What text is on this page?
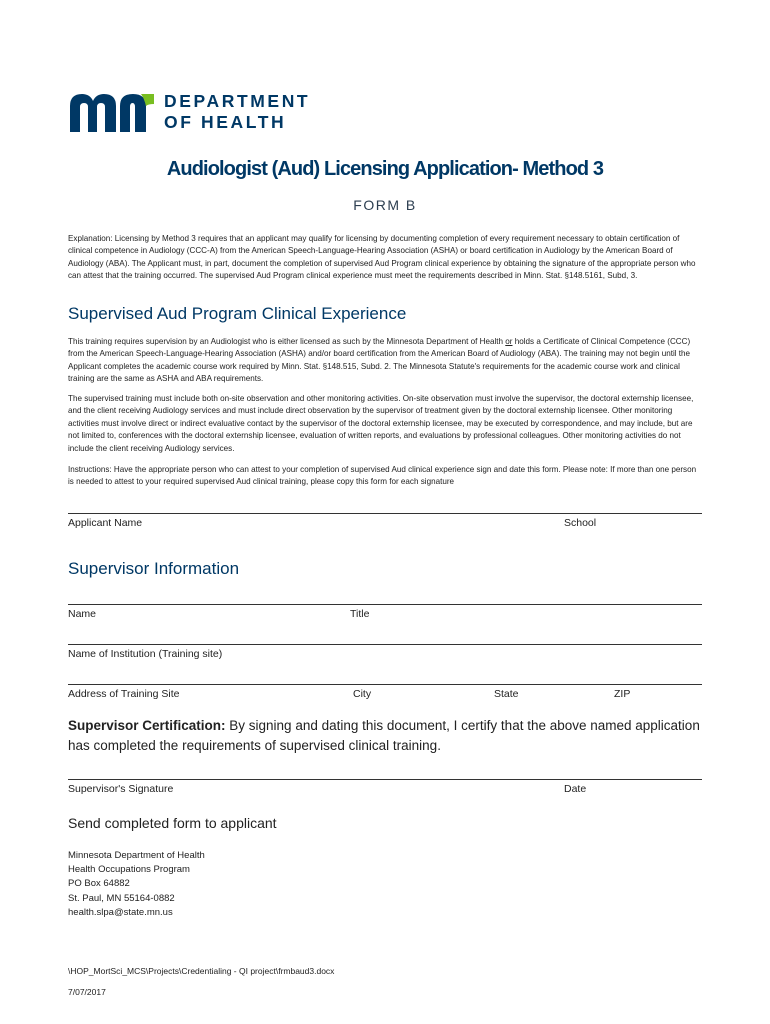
DEPARTMENT
OF HEALTH
Audiologist (Aud) Licensing Application- Method 3
FORM B
Explanation: Licensing by Method 3 requires that an applicant may qualify for licensing by documenting completion of every requirement necessary to obtain certification of clinical competence in Audiology (CCC-A) from the American Speech-Language-Hearing Association (ASHA) or board certification in Audiology by the American Board of Audiology (ABA). The Applicant must, in part, document the completion of supervised Aud Program clinical experience by obtaining the signature of the appropriate person who can attest that the training occurred. The supervised Aud Program clinical experience must meet the requirements described in Minn. Stat. §148.5161, Subd, 3.
Supervised Aud Program Clinical Experience
This training requires supervision by an Audiologist who is either licensed as such by the Minnesota Department of Health or holds a Certificate of Clinical Competence (CCC) from the American Speech-Language-Hearing Association (ASHA) and/or board certification from the American Board of Audiology (ABA). The training may not begin until the Applicant completes the academic course work required by Minn. Stat. §148.515, Subd. 2. The Minnesota Statute's requirements for the academic course work and clinical training are the same as ASHA and ABA requirements.
The supervised training must include both on-site observation and other monitoring activities. On-site observation must involve the supervisor, the doctoral externship licensee, and the client receiving Audiology services and must include direct observation by the supervisor of treatment given by the doctoral externship licensee. Other monitoring activities must involve direct or indirect evaluative contact by the supervisor of the doctoral externship licensee, may be executed by correspondence, and may include, but are not limited to, conferences with the doctoral externship licensee, evaluation of written reports, and evaluations by professional colleagues. Other monitoring activities do not include the client receiving Audiology services.
Instructions: Have the appropriate person who can attest to your completion of supervised Aud clinical experience sign and date this form. Please note: If more than one person is needed to attest to your required supervised Aud clinical training, please copy this form for each signature
Applicant Name	School
Supervisor Information
Name	Title
Name of Institution (Training site)
Address of Training Site	City	State	ZIP
Supervisor Certification: By signing and dating this document, I certify that the above named application has completed the requirements of supervised clinical training.
Supervisor's Signature	Date
Send completed form to applicant
Minnesota Department of Health
Health Occupations Program
PO Box 64882
St. Paul, MN 55164-0882
health.slpa@state.mn.us
\HOP_MortSci_MCS\Projects\Credentialing - QI project\frmbaud3.docx
7/07/2017
